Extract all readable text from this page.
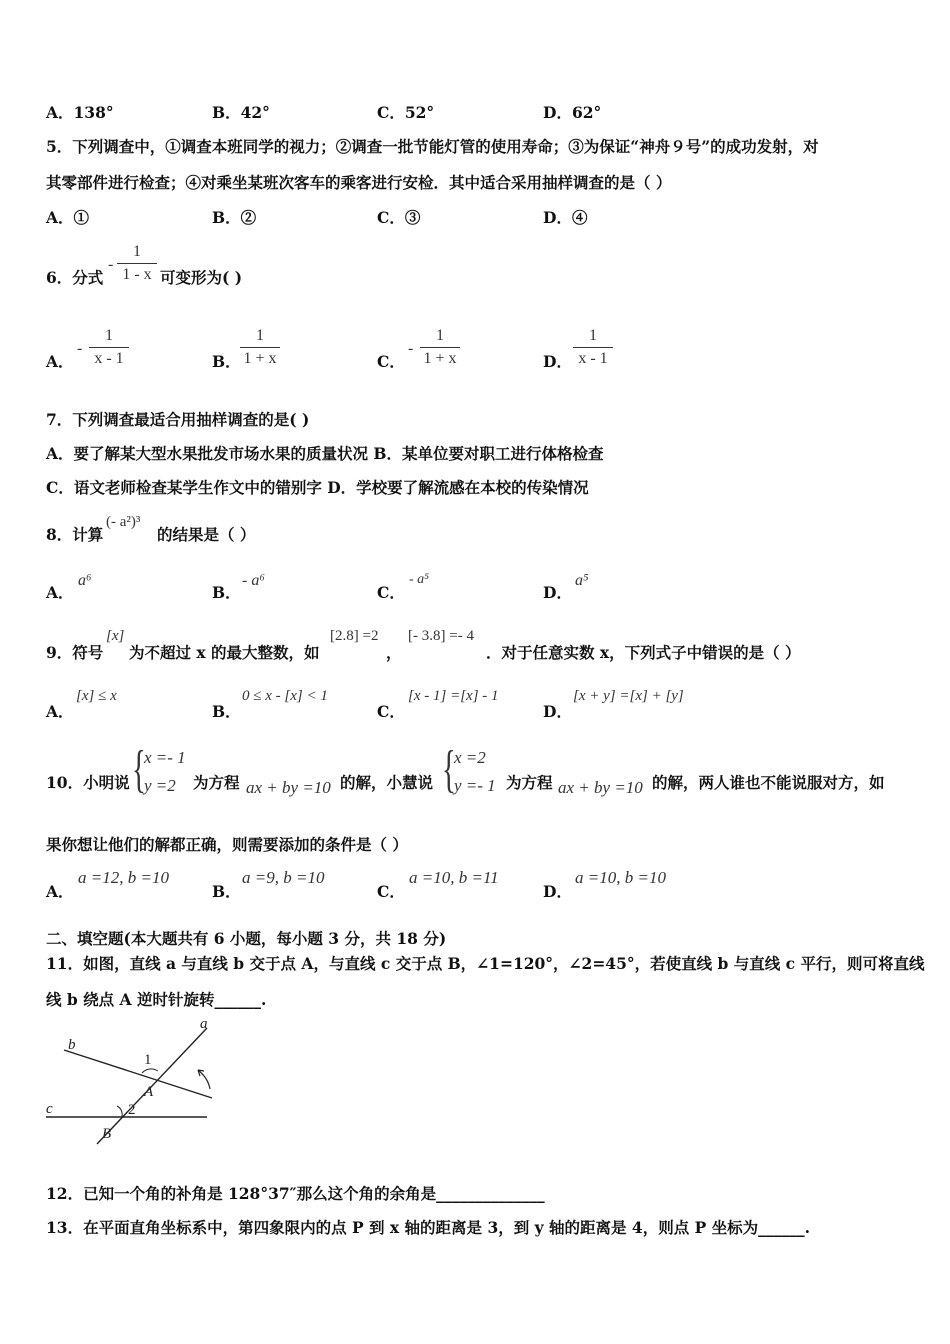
A．138°	B．42°	C．52°	D．62°
5．下列调查中，①调查本班同学的视力；②调查一批节能灯管的使用寿命；③为保证“神舟９号”的成功发射，对
其零部件进行检查；④对乘坐某班次客车的乘客进行安检．其中适合采用抽样调查的是（ ）
A．①	B．②	C．③	D．④
6．分式
- $\frac{1}{1 - x}$ 可变形为( )
A．
- $\frac{1}{x - 1}$	B． $\frac{1}{1 + x}$	C．
- $\frac{1}{1 + x}$	D． $\frac{1}{x - 1}$
7．下列调查最适合用抽样调查的是( )
A．要了解某大型水果批发市场水果的质量状况 B．某单位要对职工进行体格检查
C．语文老师检查某学生作文中的错别字 D．学校要了解流感在本校的传染情况
8．计算
(- a²)³
的结果是（ ）
A．
a⁶
B．
- a⁶
C．
- a⁵
D．
a⁵
9．符号
[x]
为不超过 x 的最大整数，如
[2.8] =2
，
[- 3.8] =- 4
．对于任意实数 x，下列式子中错误的是（ ）
A．
[x] ≤ x
B．
0 ≤ x - [x] < 1
C．
[x - 1] =[x] - 1
D．
[x + y] =[x] + [y]
10．小明说 {
x =- 1
y =2 为方程 ax + by =10 的解，小慧说 {
x =2
y =- 1 为方程 ax + by =10 的解，两人谁也不能说服对方，如
果你想让他们的解都正确，则需要添加的条件是（ ）
A．
a =12, b =10
B．
a =9, b =10
C．
a =10, b =11
D．
a =10, b =10
二、填空题(本大题共有 6 小题，每小题 3 分，共 18 分)
11．如图，直线 a 与直线 b 交于点 A，与直线 c 交于点 B，∠1=120°，∠2=45°，若使直线 b 与直线 c 平行，则可将直线
线 b 绕点 A 逆时针旋转______.
a
b
c
1
2
A
B
12．已知一个角的补角是 128°37″那么这个角的余角是______________
13．在平面直角坐标系中，第四象限内的点 P 到 x 轴的距离是 3，到 y 轴的距离是 4，则点 P 坐标为______.
